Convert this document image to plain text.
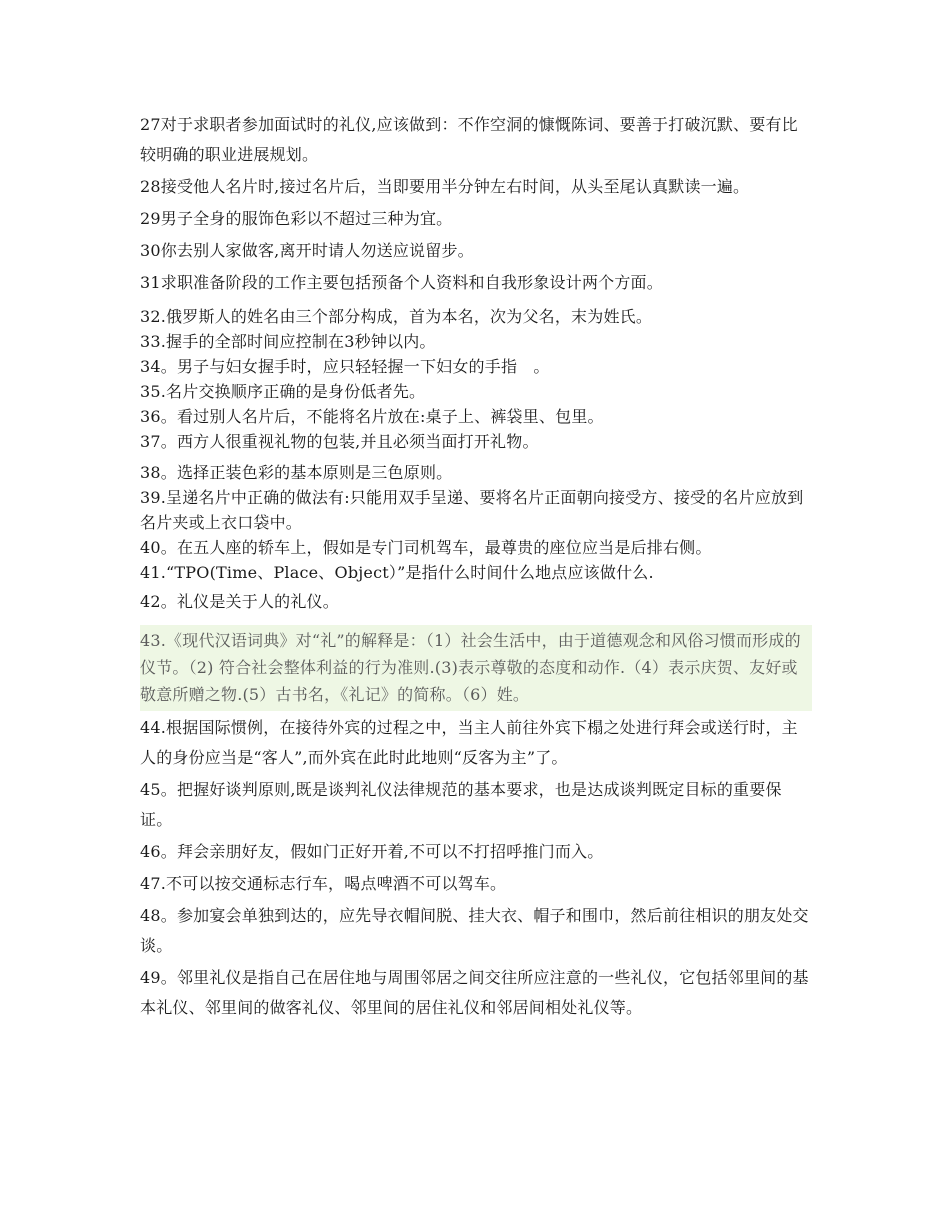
27对于求职者参加面试时的礼仪,应该做到：不作空洞的慷慨陈词、要善于打破沉默、要有比较明确的职业进展规划。

28接受他人名片时,接过名片后，当即要用半分钟左右时间，从头至尾认真默读一遍。

29男子全身的服饰色彩以不超过三种为宜。

30你去别人家做客,离开时请人勿送应说留步。

31求职准备阶段的工作主要包括预备个人资料和自我形象设计两个方面。

32.俄罗斯人的姓名由三个部分构成，首为本名，次为父名，末为姓氏。

33.握手的全部时间应控制在3秒钟以内。

34。男子与妇女握手时，应只轻轻握一下妇女的手指　。

35.名片交换顺序正确的是身份低者先。

36。看过别人名片后，不能将名片放在:桌子上、裤袋里、包里。

37。西方人很重视礼物的包装,并且必须当面打开礼物。

38。选择正装色彩的基本原则是三色原则。

39.呈递名片中正确的做法有:只能用双手呈递、要将名片正面朝向接受方、接受的名片应放到名片夹或上衣口袋中。

40。在五人座的轿车上，假如是专门司机驾车，最尊贵的座位应当是后排右侧。

41.“TPO(Time、Place、Object）”是指什么时间什么地点应该做什么.

42。礼仪是关于人的礼仪。

43.《现代汉语词典》对“礼”的解释是：（1）社会生活中，由于道德观念和风俗习惯而形成的仪节。（2) 符合社会整体利益的行为准则.(3)表示尊敬的态度和动作.（4）表示庆贺、友好或敬意所赠之物.(5）古书名，《礼记》的简称。（6）姓。

44.根据国际惯例，在接待外宾的过程之中，当主人前往外宾下榻之处进行拜会或送行时，主人的身份应当是“客人”,而外宾在此时此地则“反客为主”了。

45。把握好谈判原则,既是谈判礼仪法律规范的基本要求，也是达成谈判既定目标的重要保证。

46。拜会亲朋好友，假如门正好开着,不可以不打招呼推门而入。

47.不可以按交通标志行车，喝点啤酒不可以驾车。

48。参加宴会单独到达的，应先导衣帽间脱、挂大衣、帽子和围巾，然后前往相识的朋友处交谈。

49。邻里礼仪是指自己在居住地与周围邻居之间交往所应注意的一些礼仪，它包括邻里间的基本礼仪、邻里间的做客礼仪、邻里间的居住礼仪和邻居间相处礼仪等。
